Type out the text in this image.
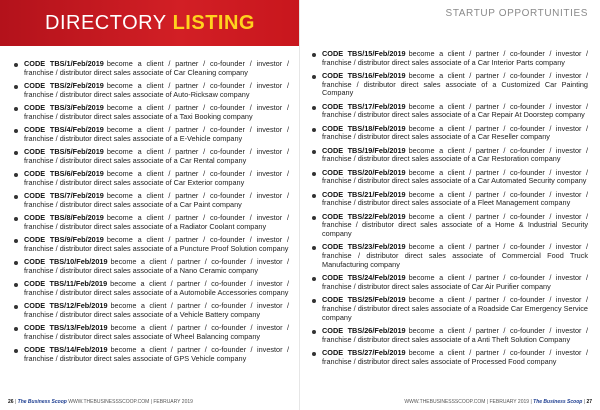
DIRECTORY LISTING
CODE TBS/1/Feb/2019 become a client / partner / co-founder / investor / franchise / distributor direct sales associate of Car Cleaning company
CODE TBS/2/Feb/2019 become a client / partner / co-founder / investor / franchise / distributor direct sales associate of Auto-Ricksaw company
CODE TBS/3/Feb/2019 become a client / partner / co-founder / investor / franchise / distributor direct sales associate of a Taxi Booking company
CODE TBS/4/Feb/2019 become a client / partner / co-founder / investor / franchise / distributor direct sales associate of a E-Vehicle company
CODE TBS/5/Feb/2019 become a client / partner / co-founder / investor / franchise / distributor direct sales associate of a Car Rental company
CODE TBS/6/Feb/2019 become a client / partner / co-founder / investor / franchise / distributor direct sales associate of Car Exterior company
CODE TBS/7/Feb/2019 become a client / partner / co-founder / investor / franchise / distributor direct sales associate of a Car Paint company
CODE TBS/8/Feb/2019 become a client / partner / co-founder / investor / franchise / distributor direct sales associate of a Radiator Coolant company
CODE TBS/9/Feb/2019 become a client / partner / co-founder / investor / franchise / distributor direct sales associate of a Puncture Proof Solution company
CODE TBS/10/Feb/2019 become a client / partner / co-founder / investor / franchise / distributor direct sales associate of a Nano Ceramic company
CODE TBS/11/Feb/2019 become a client / partner / co-founder / investor / franchise / distributor direct sales associate of a Automobile Accessories company
CODE TBS/12/Feb/2019 become a client / partner / co-founder / investor / franchise / distributor direct sales associate of a Vehicle Battery company
CODE TBS/13/Feb/2019 become a client / partner / co-founder / investor / franchise / distributor direct sales associate of Wheel Balancing company
CODE TBS/14/Feb/2019 become a client / partner / co-founder / investor / franchise / distributor direct sales associate of GPS Vehicle company
26 | The Business Scoop WWW.THEBUSINESSSCOOP.COM | FEBRUARY 2019
STARTUP OPPORTUNITIES
CODE TBS/15/Feb/2019 become a client / partner / co-founder / investor / franchise / distributor direct sales associate of a Car Interior Parts company
CODE TBS/16/Feb/2019 become a client / partner / co-founder / investor / franchise / distributor direct sales associate of a Customized Car Painting Company
CODE TBS/17/Feb/2019 become a client / partner / co-founder / investor / franchise / distributor direct sales associate of a Car Repair At Doorstep company
CODE TBS/18/Feb/2019 become a client / partner / co-founder / investor / franchise / distributor direct sales associate of a Car Reseller company
CODE TBS/19/Feb/2019 become a client / partner / co-founder / investor / franchise / distributor direct sales associate of a Car Restoration company
CODE TBS/20/Feb/2019 become a client / partner / co-founder / investor / franchise / distributor direct sales associate of a Car Automated Security company
CODE TBS/21/Feb/2019 become a client / partner / co-founder / investor / franchise / distributor direct sales associate of a Fleet Management company
CODE TBS/22/Feb/2019 become a client / partner / co-founder / investor / franchise / distributor direct sales associate of a Home & Industrial Security company
CODE TBS/23/Feb/2019 become a client / partner / co-founder / investor / franchise / distributor direct sales associate of Commercial Food Truck Manufacturing company
CODE TBS/24/Feb/2019 become a client / partner / co-founder / investor / franchise / distributor direct sales associate of Car Air Purifier company
CODE TBS/25/Feb/2019 become a client / partner / co-founder / investor / franchise / distributor direct sales associate of a Roadside Car Emergency Service company
CODE TBS/26/Feb/2019 become a client / partner / co-founder / investor / franchise / distributor direct sales associate of a Anti Theft Solution Company
CODE TBS/27/Feb/2019 become a client / partner / co-founder / investor / franchise / distributor direct sales associate of Processed Food company
WWW.THEBUSINESSSCOOP.COM | FEBRUARY 2019 | The Business Scoop | 27
